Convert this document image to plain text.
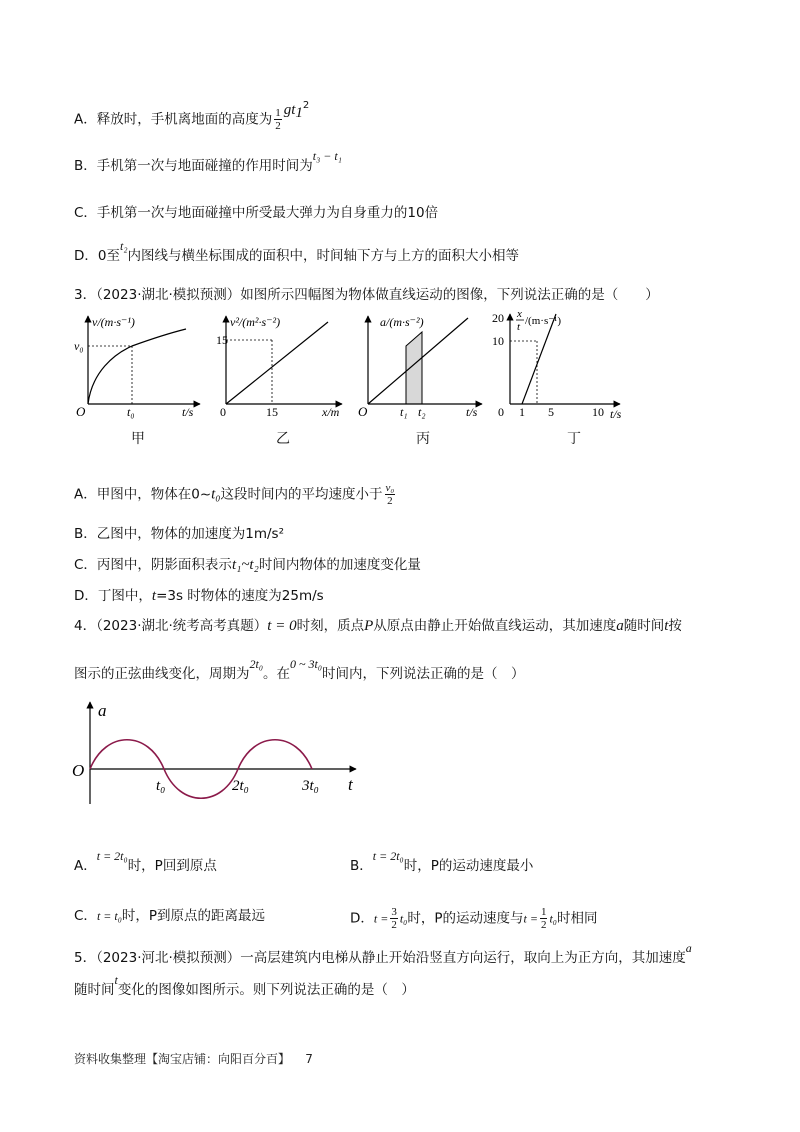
A．释放时，手机离地面的高度为 $\frac{1}{2} gt_1^2$
B．手机第一次与地面碰撞的作用时间为t₃ − t₁
C．手机第一次与地面碰撞中所受最大弹力为自身重力的10倍
D．0至t₂内图线与横坐标围成的面积中，时间轴下方与上方的面积大小相等
3．（2023·湖北·模拟预测）如图所示四幅图为物体做直线运动的图像，下列说法正确的是（　　）
v/(m·s⁻¹)
v₀
t₀	t/s
O
甲
v²/(m²·s⁻²)
15
15	x/m
0
乙
a/(m·s⁻²)
t₁ t₂	t/s
O
丙
x
t /(m·s⁻¹)
20
10
1 5	10 t/s
0
丁
A．甲图中，物体在0~t₀这段时间内的平均速度小于 $\frac{\text{v₀}}{2}$
B．乙图中，物体的加速度为1m/s²
C．丙图中，阴影面积表示t₁~t₂时间内物体的加速度变化量
D．丁图中，t=3s 时物体的速度为25m/s
4．（2023·湖北·统考高考真题）t = 0时刻，质点P从原点由静止开始做直线运动，其加速度a随时间t按
图示的正弦曲线变化，周期为2t₀。在0 ~ 3t₀时间内，下列说法正确的是（　）
a
O
t₀	2t₀	3t₀ t
A．t = 2t₀时，P回到原点	B．t = 2t₀时，P的运动速度最小
C．t = t₀时，P到原点的距离最远	D．$t = \frac{3}{2} t_0$时，P的运动速度与$t = \frac{1}{2} t_0$时相同
5．（2023·河北·模拟预测）一高层建筑内电梯从静止开始沿竖直方向运行，取向上为正方向，其加速度a
随时间t变化的图像如图所示。则下列说法正确的是（　）
资料收集整理【淘宝店铺：向阳百分百】 7
